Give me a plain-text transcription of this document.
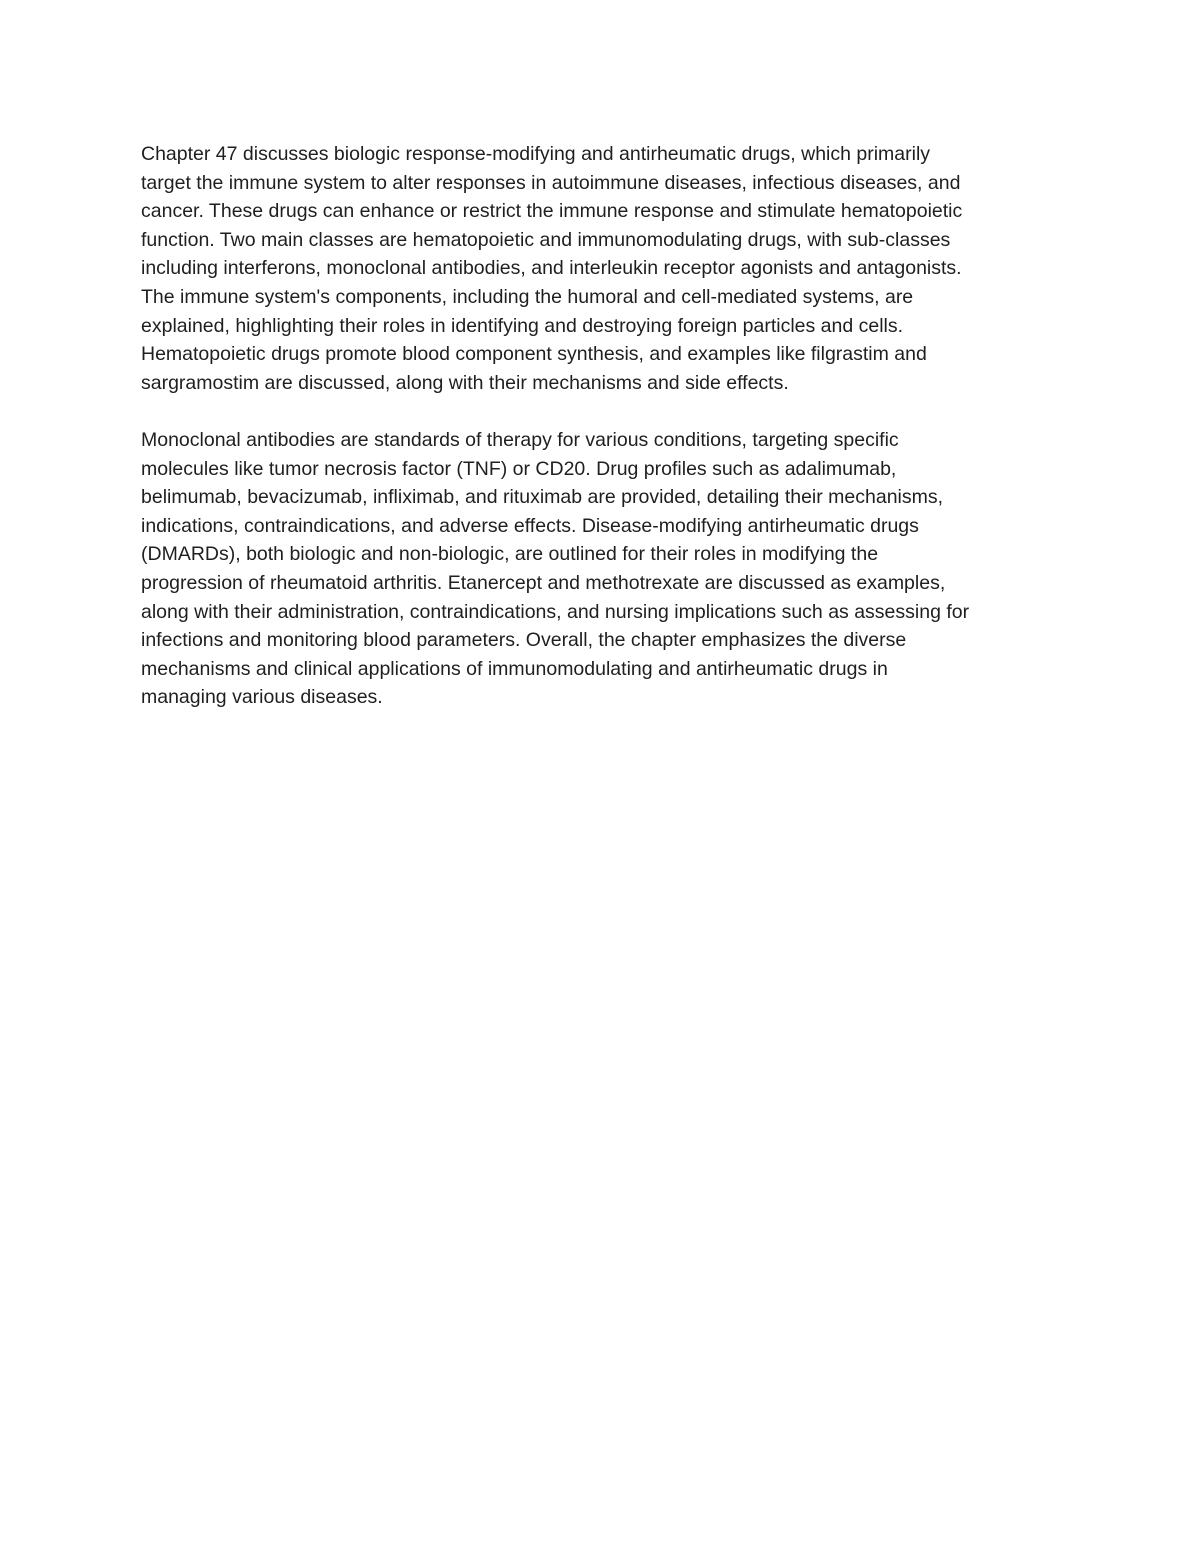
Chapter 47 discusses biologic response-modifying and antirheumatic drugs, which primarily
target the immune system to alter responses in autoimmune diseases, infectious diseases, and
cancer. These drugs can enhance or restrict the immune response and stimulate hematopoietic
function. Two main classes are hematopoietic and immunomodulating drugs, with sub-classes
including interferons, monoclonal antibodies, and interleukin receptor agonists and antagonists.
The immune system's components, including the humoral and cell-mediated systems, are
explained, highlighting their roles in identifying and destroying foreign particles and cells.
Hematopoietic drugs promote blood component synthesis, and examples like filgrastim and
sargramostim are discussed, along with their mechanisms and side effects.
Monoclonal antibodies are standards of therapy for various conditions, targeting specific
molecules like tumor necrosis factor (TNF) or CD20. Drug profiles such as adalimumab,
belimumab, bevacizumab, infliximab, and rituximab are provided, detailing their mechanisms,
indications, contraindications, and adverse effects. Disease-modifying antirheumatic drugs
(DMARDs), both biologic and non-biologic, are outlined for their roles in modifying the
progression of rheumatoid arthritis. Etanercept and methotrexate are discussed as examples,
along with their administration, contraindications, and nursing implications such as assessing for
infections and monitoring blood parameters. Overall, the chapter emphasizes the diverse
mechanisms and clinical applications of immunomodulating and antirheumatic drugs in
managing various diseases.
